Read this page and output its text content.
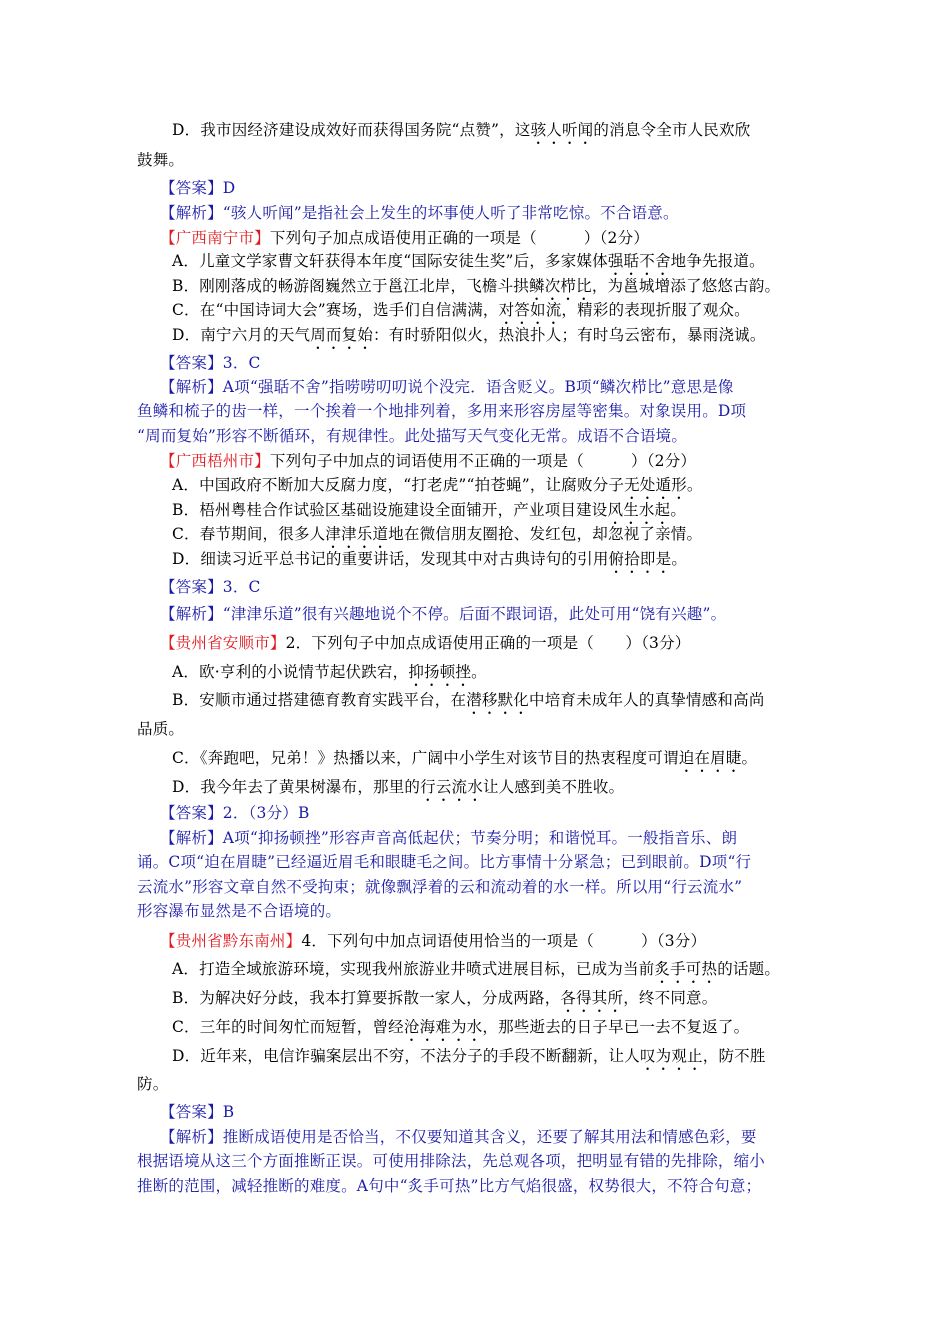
D．我市因经济建设成效好而获得国务院“点赞”，这骇人听闻的消息令全市人民欢欣
鼓舞。
【答案】D
【解析】“骇人听闻”是指社会上发生的坏事使人听了非常吃惊。不合语意。
【广西南宁市】下列句子加点成语使用正确的一项是（　　　）（2分）
A．儿童文学家曹文轩获得本年度“国际安徒生奖”后，多家媒体强聒不舍地争先报道。
B．刚刚落成的畅游阁巍然立于邕江北岸，飞檐斗拱鳞次栉比，为邕城增添了悠悠古韵。
C．在“中国诗词大会”赛场，选手们自信满满，对答如流，精彩的表现折服了观众。
D．南宁六月的天气周而复始：有时骄阳似火，热浪扑人；有时乌云密布，暴雨浇诚。
【答案】3．C
【解析】A项“强聒不舍”指唠唠叨叨说个没完．语含贬义。B项“鳞次栉比”意思是像
鱼鳞和梳子的齿一样，一个挨着一个地排列着，多用来形容房屋等密集。对象误用。D项
“周而复始”形容不断循环，有规律性。此处描写天气变化无常。成语不合语境。
【广西梧州市】下列句子中加点的词语使用不正确的一项是（　　　）（2分）
A．中国政府不断加大反腐力度，“打老虎”“拍苍蝇”，让腐败分子无处遁形。
B．梧州粤桂合作试验区基础设施建设全面铺开，产业项目建设风生水起。
C．春节期间，很多人津津乐道地在微信朋友圈抢、发红包，却忽视了亲情。
D．细读习近平总书记的重要讲话，发现其中对古典诗句的引用俯拾即是。
【答案】3．C
【解析】“津津乐道”很有兴趣地说个不停。后面不跟词语，此处可用“饶有兴趣”。
【贵州省安顺市】2．下列句子中加点成语使用正确的一项是（　　）（3分）
A．欧·亨利的小说情节起伏跌宕，抑扬顿挫。
B．安顺市通过搭建德育教育实践平台，在潜移默化中培育未成年人的真挚情感和高尚
品质。
C．《奔跑吧，兄弟！》热播以来，广阔中小学生对该节目的热衷程度可谓迫在眉睫。
D．我今年去了黄果树瀑布，那里的行云流水让人感到美不胜收。
【答案】2．（3分）B
【解析】A项“抑扬顿挫”形容声音高低起伏；节奏分明；和谐悦耳。一般指音乐、朗
诵。C项“迫在眉睫”已经逼近眉毛和眼睫毛之间。比方事情十分紧急；已到眼前。D项“行
云流水”形容文章自然不受拘束；就像飘浮着的云和流动着的水一样。所以用“行云流水”
形容瀑布显然是不合语境的。
【贵州省黔东南州】4．下列句中加点词语使用恰当的一项是（　　　）（3分）
A．打造全域旅游环境，实现我州旅游业井喷式进展目标，已成为当前炙手可热的话题。
B．为解决好分歧，我本打算要拆散一家人，分成两路，各得其所，终不同意。
C．三年的时间匆忙而短暂，曾经沧海难为水，那些逝去的日子早已一去不复返了。
D．近年来，电信诈骗案层出不穷，不法分子的手段不断翻新，让人叹为观止，防不胜
防。
【答案】B
【解析】推断成语使用是否恰当，不仅要知道其含义，还要了解其用法和情感色彩，要
根据语境从这三个方面推断正误。可使用排除法，先总观各项，把明显有错的先排除，缩小
推断的范围，减轻推断的难度。A句中“炙手可热”比方气焰很盛，权势很大，不符合句意；
